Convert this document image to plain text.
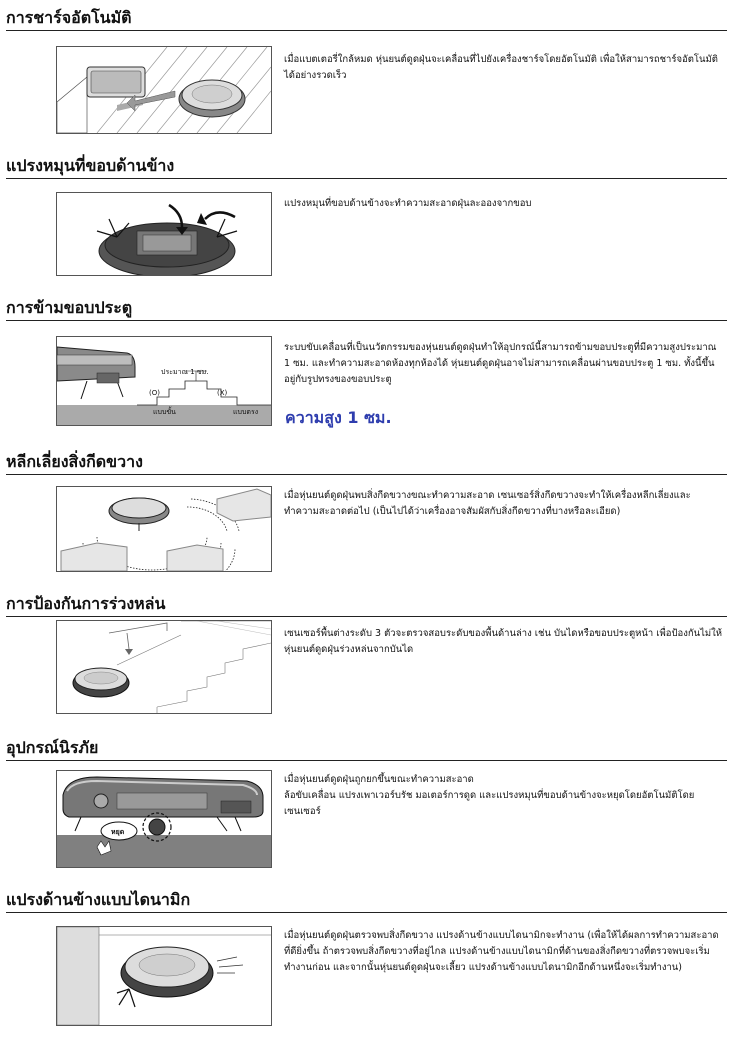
การชาร์จอัตโนมัติ

เมื่อแบตเตอรี่ใกล้หมด หุ่นยนต์ดูดฝุ่นจะเคลื่อนที่ไปยังเครื่องชาร์จโดยอัตโนมัติ เพื่อให้สามารถชาร์จอัตโนมัติได้อย่างรวดเร็ว

แปรงหมุนที่ขอบด้านข้าง

แปรงหมุนที่ขอบด้านข้างจะทำความสะอาดฝุ่นละอองจากขอบ

การข้ามขอบประตู
ประมาณ 1 ซม.
(O)	(X)
แบบขั้น	แบบตรง

ระบบขับเคลื่อนที่เป็นนวัตกรรมของหุ่นยนต์ดูดฝุ่นทำให้อุปกรณ์นี้สามารถข้ามขอบประตูที่มีความสูงประมาณ 1 ซม. และทำความสะอาดห้องทุกห้องได้ หุ่นยนต์ดูดฝุ่นอาจไม่สามารถเคลื่อนผ่านขอบประตู 1 ซม. ทั้งนี้ขึ้นอยู่กับรูปทรงของขอบประตู

ความสูง 1 ซม.
หลีกเลี่ยงสิ่งกีดขวาง

เมื่อหุ่นยนต์ดูดฝุ่นพบสิ่งกีดขวางขณะทำความสะอาด เซนเซอร์สิ่งกีดขวางจะทำให้เครื่องหลีกเลี่ยงและทำความสะอาดต่อไป (เป็นไปได้ว่าเครื่องอาจสัมผัสกับสิ่งกีดขวางที่บางหรือละเอียด)

การป้องกันการร่วงหล่น

เซนเซอร์พื้นต่างระดับ 3 ตัวจะตรวจสอบระดับของพื้นด้านล่าง เช่น บันไดหรือขอบประตูหน้า เพื่อป้องกันไม่ให้หุ่นยนต์ดูดฝุ่นร่วงหล่นจากบันได

อุปกรณ์นิรภัย
หยุด

เมื่อหุ่นยนต์ดูดฝุ่นถูกยกขึ้นขณะทำความสะอาด

ล้อขับเคลื่อน แปรงเพาเวอร์บรัช มอเตอร์การดูด และแปรงหมุนที่ขอบด้านข้างจะหยุดโดยอัตโนมัติโดยเซนเซอร์

แปรงด้านข้างแบบไดนามิก

เมื่อหุ่นยนต์ดูดฝุ่นตรวจพบสิ่งกีดขวาง แปรงด้านข้างแบบไดนามิกจะทำงาน (เพื่อให้ได้ผลการทำความสะอาดที่ดียิ่งขึ้น ถ้าตรวจพบสิ่งกีดขวางที่อยู่ไกล แปรงด้านข้างแบบไดนามิกที่ด้านของสิ่งกีดขวางที่ตรวจพบจะเริ่มทำงานก่อน และจากนั้นหุ่นยนต์ดูดฝุ่นจะเลี้ยว แปรงด้านข้างแบบไดนามิกอีกด้านหนึ่งจะเริ่มทำงาน)
